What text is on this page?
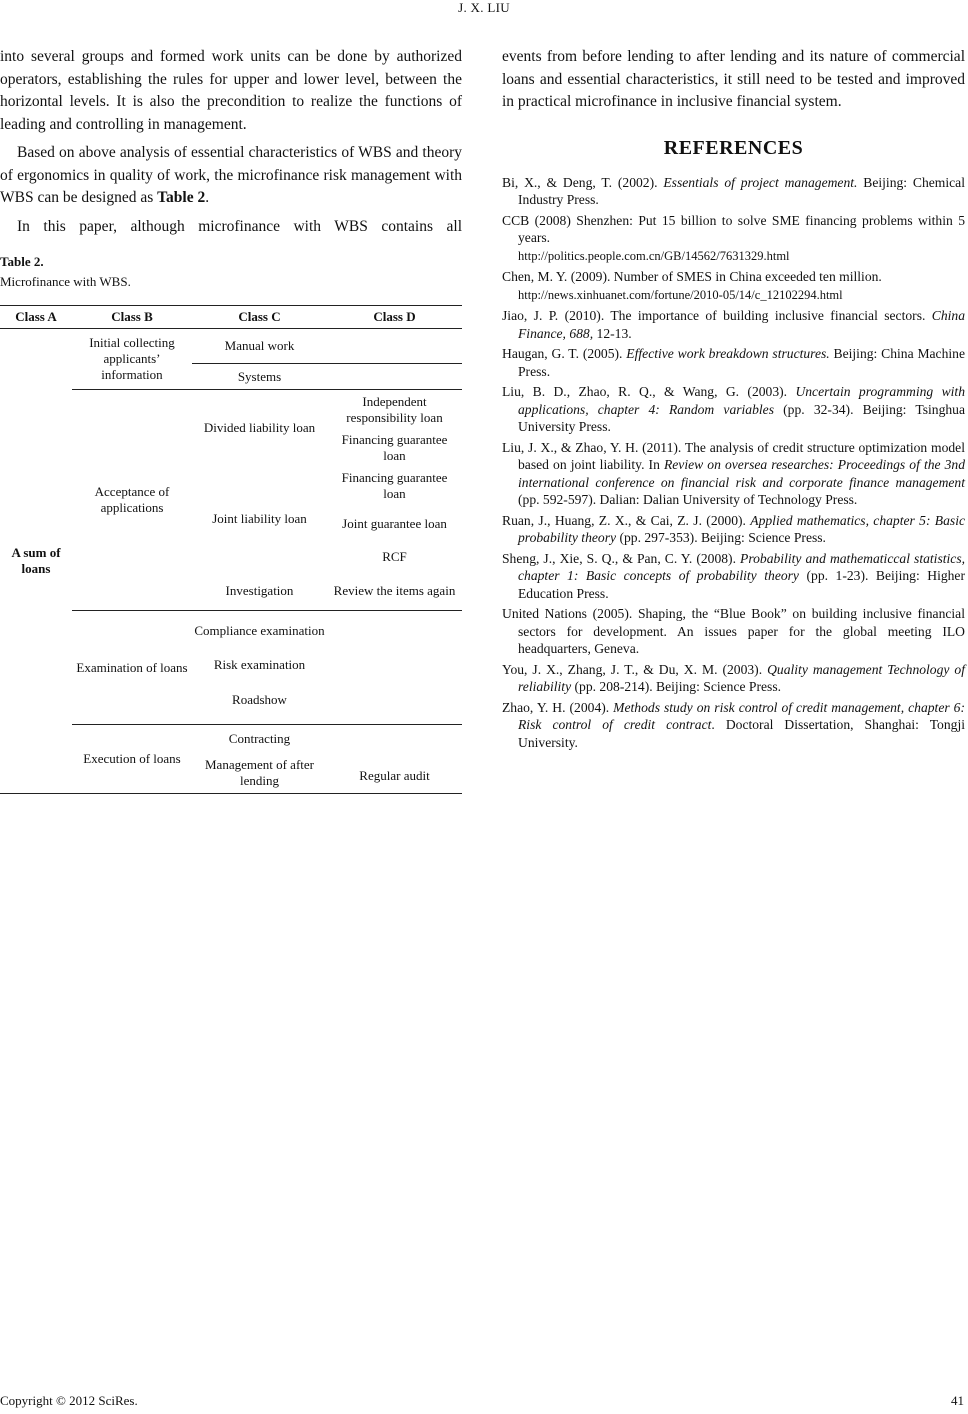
J. X. LIU

into several groups and formed work units can be done by authorized operators, establishing the rules for upper and lower level, between the horizontal levels. It is also the precondition to realize the functions of leading and controlling in management.

Based on above analysis of essential characteristics of WBS and theory of ergonomics in quality of work, the microfinance risk management with WBS can be designed as Table 2.

In this paper, although microfinance with WBS contains all

Table 2.
Microfinance with WBS.
Class A	Class B	Class C	Class D
A sum of loans	Initial collecting applicants’ information	Manual work	
		Systems	
	Acceptance of applications	Divided liability loan	Independent responsibility loan
			Financing guarantee loan
		Joint liability loan	Financing guarantee loan
			Joint guarantee loan
			RCF
		Investigation	Review the items again
	Examination of loans	Compliance examination	
		Risk examination	
		Roadshow	

	Execution of loans	Contracting	
		Management of after lending	Regular audit

events from before lending to after lending and its nature of commercial loans and essential characteristics, it still need to be tested and improved in practical microfinance in inclusive financial system.

REFERENCES

Bi, X., & Deng, T. (2002). Essentials of project management. Beijing: Chemical Industry Press.

CCB (2008) Shenzhen: Put 15 billion to solve SME financing problems within 5 years.
http://politics.people.com.cn/GB/14562/7631329.html

Chen, M. Y. (2009). Number of SMES in China exceeded ten million.
http://news.xinhuanet.com/fortune/2010-05/14/c_12102294.html

Jiao, J. P. (2010). The importance of building inclusive financial sectors. China Finance, 688, 12-13.

Haugan, G. T. (2005). Effective work breakdown structures. Beijing: China Machine Press.

Liu, B. D., Zhao, R. Q., & Wang, G. (2003). Uncertain programming with applications, chapter 4: Random variables (pp. 32-34). Beijing: Tsinghua University Press.

Liu, J. X., & Zhao, Y. H. (2011). The analysis of credit structure optimization model based on joint liability. In Review on oversea researches: Proceedings of the 3nd international conference on financial risk and corporate finance management (pp. 592-597). Dalian: Dalian University of Technology Press.

Ruan, J., Huang, Z. X., & Cai, Z. J. (2000). Applied mathematics, chapter 5: Basic probability theory (pp. 297-353). Beijing: Science Press.

Sheng, J., Xie, S. Q., & Pan, C. Y. (2008). Probability and mathematiccal statistics, chapter 1: Basic concepts of probability theory (pp. 1-23). Beijing: Higher Education Press.

United Nations (2005). Shaping, the “Blue Book” on building inclusive financial sectors for development. An issues paper for the global meeting ILO headquarters, Geneva.

You, J. X., Zhang, J. T., & Du, X. M. (2003). Quality management Technology of reliability (pp. 208-214). Beijing: Science Press.

Zhao, Y. H. (2004). Methods study on risk control of credit management, chapter 6: Risk control of credit contract. Doctoral Dissertation, Shanghai: Tongji University.

Copyright © 2012 SciRes.	41
